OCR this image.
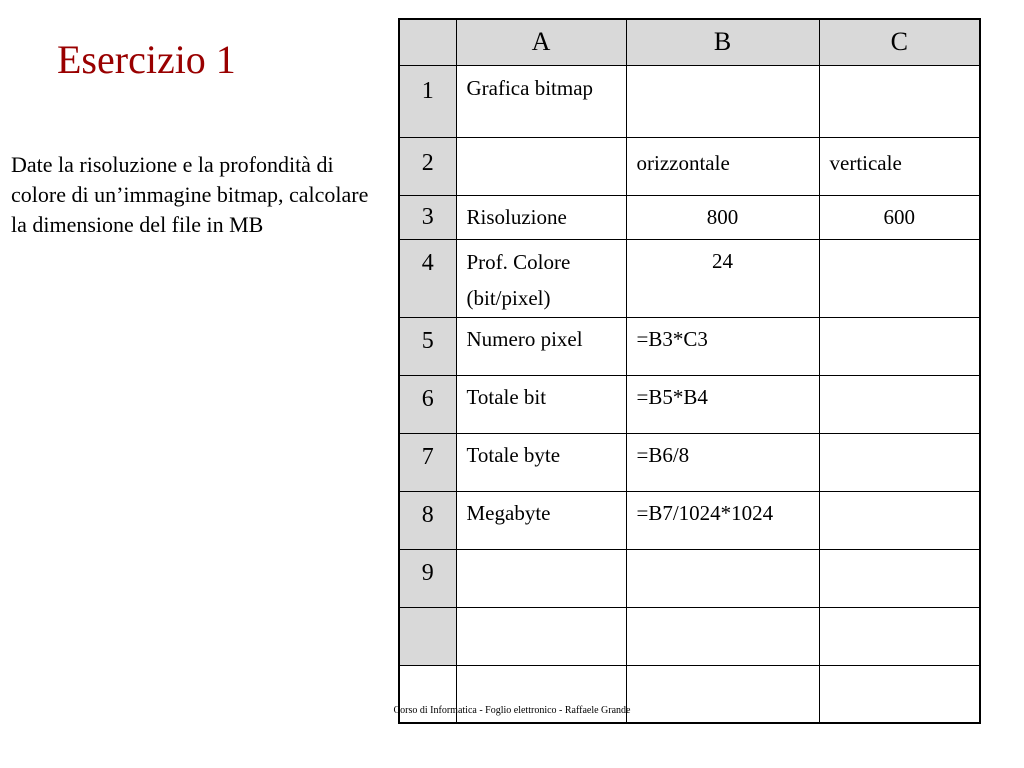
Esercizio 1
Date la risoluzione e la profondità di colore di un’immagine bitmap, calcolare la dimensione del file in MB
	A	B	C
1	Grafica bitmap		
2		orizzontale	verticale
3	Risoluzione	800	600
4	Prof. Colore (bit/pixel)	24	
5	Numero pixel	=B3*C3	
6	Totale bit	=B5*B4	
7	Totale byte	=B6/8	
8	Megabyte	=B7/1024*1024	
9			

Corso di Informatica - Foglio elettronico - Raffaele Grande
